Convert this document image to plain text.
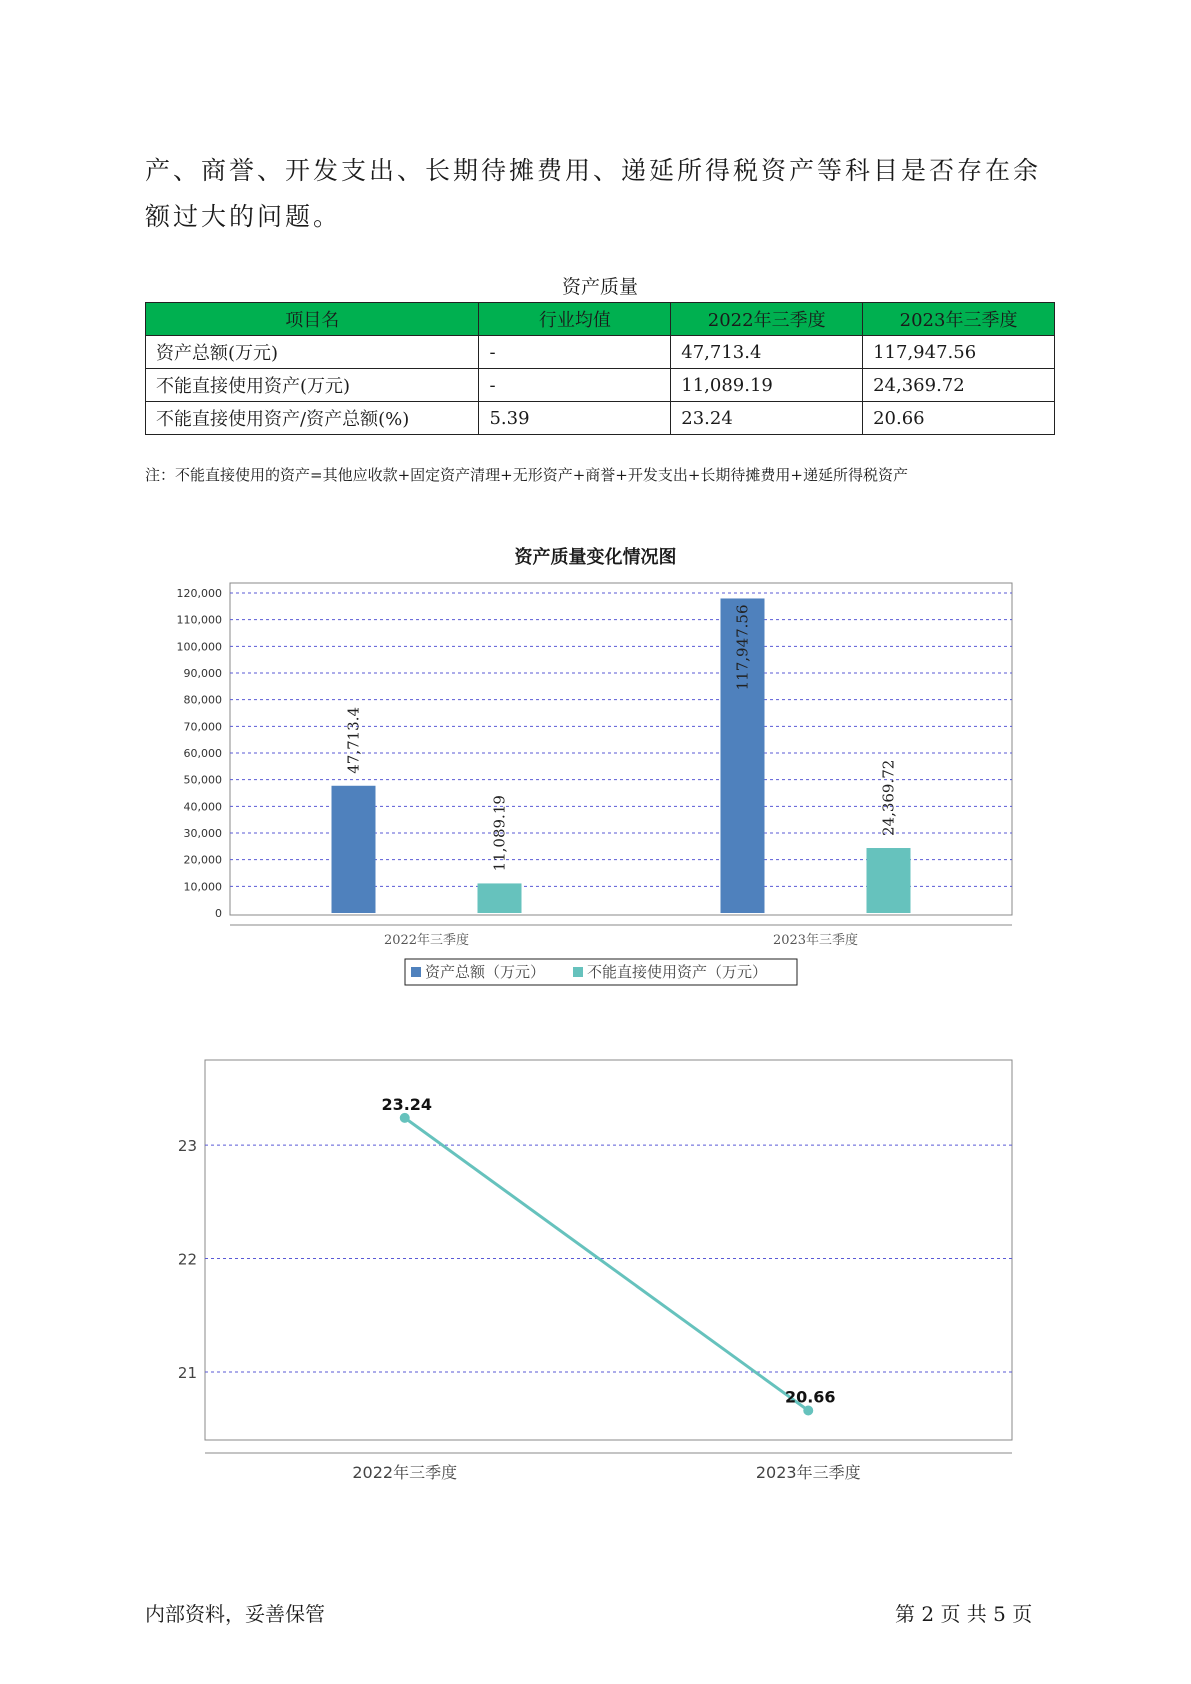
产、商誉、开发支出、长期待摊费用、递延所得税资产等科目是否存在余
额过大的问题。
资产质量
项目名	行业均值	2022年三季度	2023年三季度
资产总额(万元)	-	47,713.4	117,947.56
不能直接使用资产(万元)	-	11,089.19	24,369.72
不能直接使用资产/资产总额(%)	5.39	23.24	20.66
注：不能直接使用的资产=其他应收款+固定资产清理+无形资产+商誉+开发支出+长期待摊费用+递延所得税资产
资产质量变化情况图
0
10,000
20,000
30,000
40,000
50,000
60,000
70,000
80,000
90,000
100,000
110,000
120,000
2022年三季度
47,713.4
11,089.19
2023年三季度
117,947.56
24,369.72
资产总额（万元）	不能直接使用资产（万元）
21
22
23
23.24
2022年三季度
20.66
2023年三季度
内部资料，妥善保管	第 2 页 共 5 页
